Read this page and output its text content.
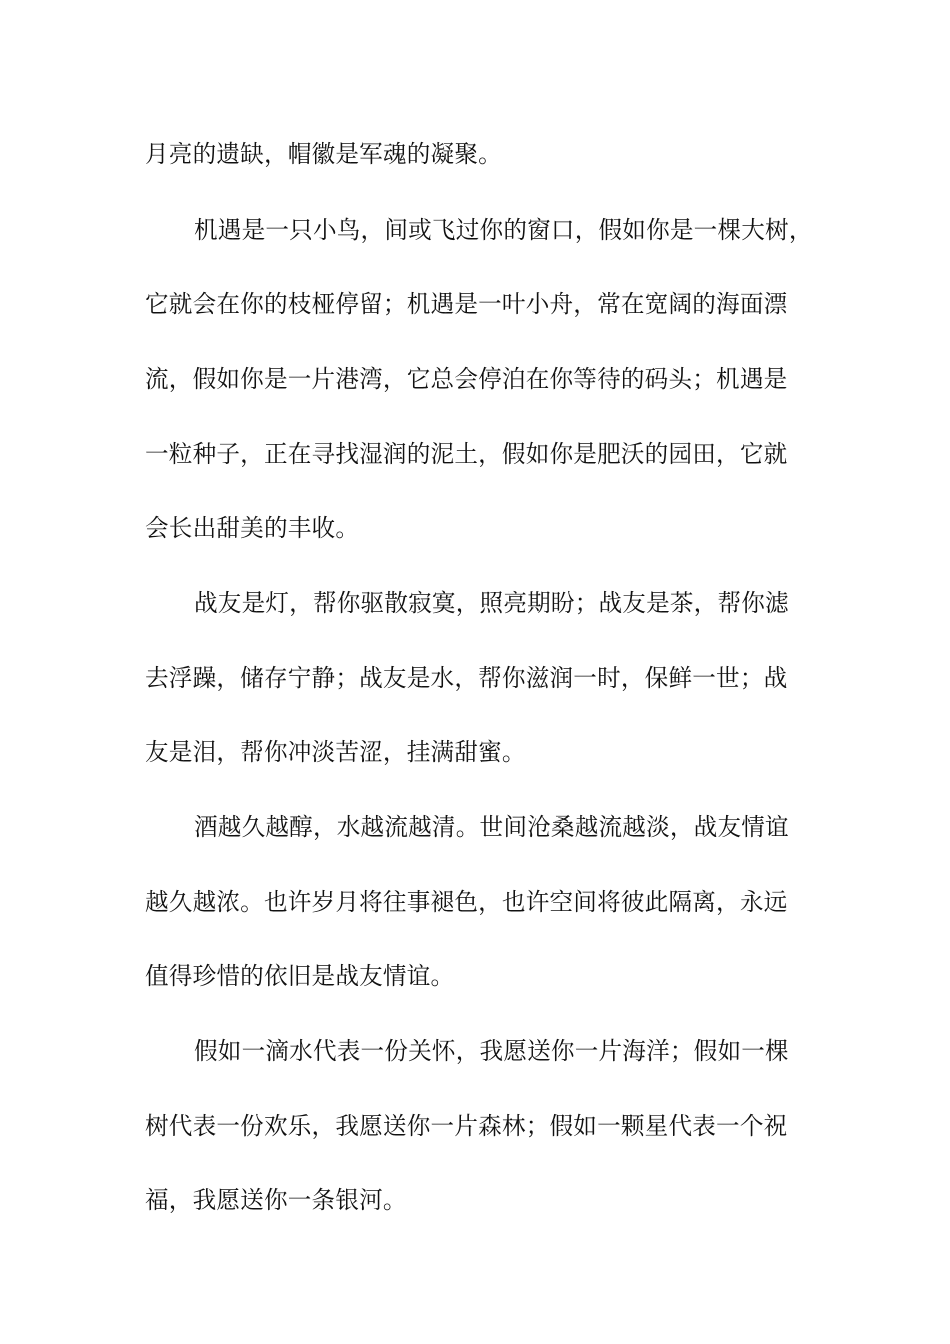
月亮的遗缺，帽徽是军魂的凝聚。
机遇是一只小鸟，间或飞过你的窗口，假如你是一棵大树，
它就会在你的枝桠停留；机遇是一叶小舟，常在宽阔的海面漂
流，假如你是一片港湾，它总会停泊在你等待的码头；机遇是
一粒种子，正在寻找湿润的泥土，假如你是肥沃的园田，它就
会长出甜美的丰收。
战友是灯，帮你驱散寂寞，照亮期盼；战友是茶，帮你滤
去浮躁，储存宁静；战友是水，帮你滋润一时，保鲜一世；战
友是泪，帮你冲淡苦涩，挂满甜蜜。
酒越久越醇，水越流越清。世间沧桑越流越淡，战友情谊
越久越浓。也许岁月将往事褪色，也许空间将彼此隔离，永远
值得珍惜的依旧是战友情谊。
假如一滴水代表一份关怀，我愿送你一片海洋；假如一棵
树代表一份欢乐，我愿送你一片森林；假如一颗星代表一个祝
福，我愿送你一条银河。
